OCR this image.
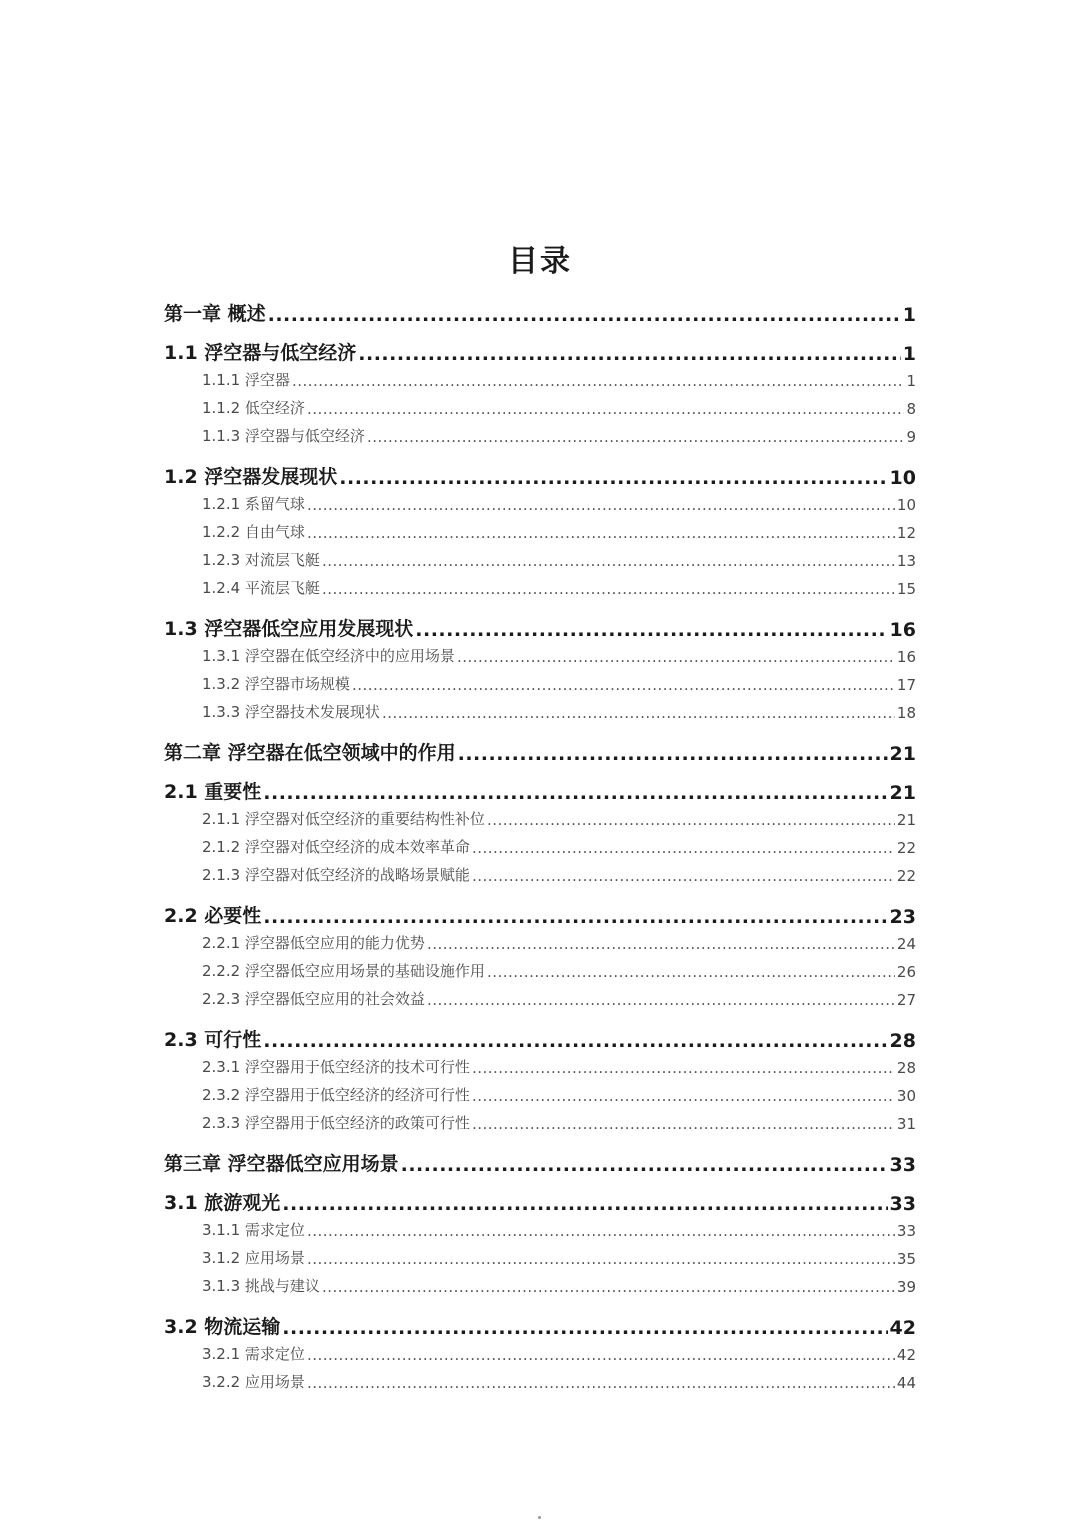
目录
第一章 概述 .....	1
1.1 浮空器与低空经济 .....	1
1.1.1 浮空器 .....	1
1.1.2 低空经济 .....	8
1.1.3 浮空器与低空经济 .....	9
1.2 浮空器发展现状 .....	10
1.2.1 系留气球 .....	10
1.2.2 自由气球 .....	12
1.2.3 对流层飞艇 .....	13
1.2.4 平流层飞艇 .....	15
1.3 浮空器低空应用发展现状 .....	16
1.3.1 浮空器在低空经济中的应用场景 .....	16
1.3.2 浮空器市场规模 .....	17
1.3.3 浮空器技术发展现状 .....	18
第二章 浮空器在低空领域中的作用 .....	21
2.1 重要性 .....	21
2.1.1 浮空器对低空经济的重要结构性补位 .....	21
2.1.2 浮空器对低空经济的成本效率革命 .....	22
2.1.3 浮空器对低空经济的战略场景赋能 .....	22
2.2 必要性 .....	23
2.2.1 浮空器低空应用的能力优势 .....	24
2.2.2 浮空器低空应用场景的基础设施作用 .....	26
2.2.3 浮空器低空应用的社会效益 .....	27
2.3 可行性 .....	28
2.3.1 浮空器用于低空经济的技术可行性 .....	28
2.3.2 浮空器用于低空经济的经济可行性 .....	30
2.3.3 浮空器用于低空经济的政策可行性 .....	31
第三章 浮空器低空应用场景 .....	33
3.1 旅游观光 .....	33
3.1.1 需求定位 .....	33
3.1.2 应用场景 .....	35
3.1.3 挑战与建议 .....	39
3.2 物流运输 .....	42
3.2.1 需求定位 .....	42
3.2.2 应用场景 .....	44
